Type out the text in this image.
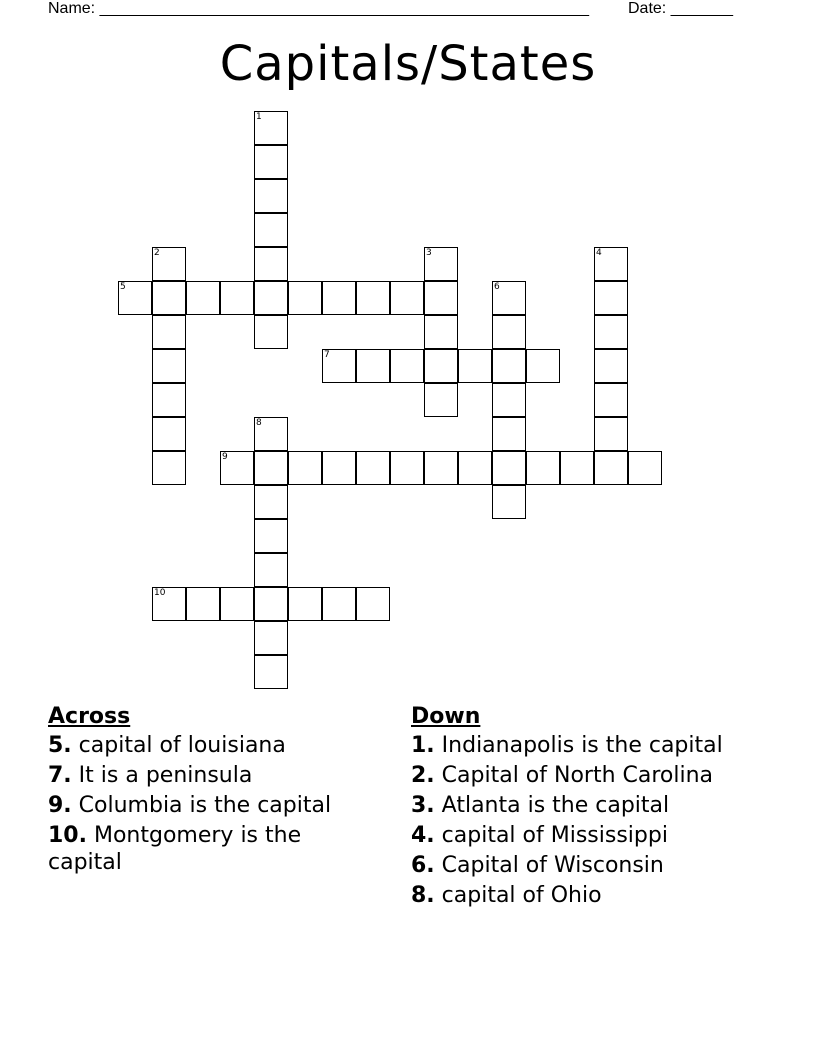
Name: _______________________________________________________ Date: _______
Capitals/States
1
2	3	4
5	6
7
8
9
10
Across
5. capital of louisiana
7. It is a peninsula
9. Columbia is the capital
10. Montgomery is the capital
Down
1. Indianapolis is the capital
2. Capital of North Carolina
3. Atlanta is the capital
4. capital of Mississippi
6. Capital of Wisconsin
8. capital of Ohio
